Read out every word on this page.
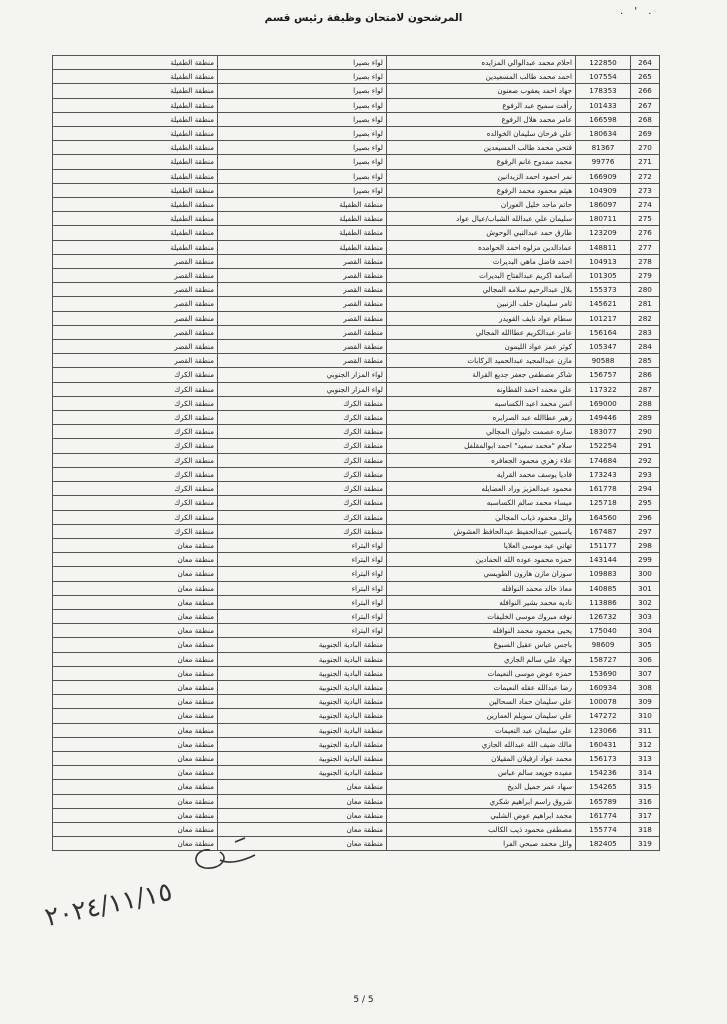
المرشحون لامتحان وظيفة رئيس قسم
. ' .
264	122850	احلام محمد عبدالوالي المزايده	لواء بصيرا	منطقة الطفيلة
265	107554	احمد محمد طالب المسعيدين	لواء بصيرا	منطقة الطفيلة
266	178353	جهاد احمد يعقوب صعنون	لواء بصيرا	منطقة الطفيلة
267	101433	رأفت سميح عبد الرفوع	لواء بصيرا	منطقة الطفيلة
268	166598	عامر محمد هلال الرفوع	لواء بصيرا	منطقة الطفيلة
269	180634	علي فرحان سليمان الخوالده	لواء بصيرا	منطقة الطفيلة
270	81367	فتحي محمد طالب المسيعدين	لواء بصيرا	منطقة الطفيلة
271	99776	محمد ممدوح غانم الرفوع	لواء بصيرا	منطقة الطفيلة
272	166909	نمر احمود احمد الزيدانين	لواء بصيرا	منطقة الطفيلة
273	104909	هيثم محمود محمد الرفوع	لواء بصيرا	منطقة الطفيلة
274	186097	حاتم ماجد خليل العوران	منطقة الطفيلة	منطقة الطفيلة
275	180711	سليمان علي عبدالله الشباب/عيال عواد	منطقة الطفيلة	منطقة الطفيلة
276	123209	طارق حمد عبدالنبي الوحوش	منطقة الطفيلة	منطقة الطفيلة
277	148811	عمادالدين مزلوه احمد الحوامده	منطقة الطفيلة	منطقة الطفيلة
278	104913	احمد فاضل ماهي البديرات	منطقة القصر	منطقة القصر
279	101305	اسامه اكريم عبدالفتاح البديرات	منطقة القصر	منطقة القصر
280	155373	بلال عبدالرحيم سلامه المجالي	منطقة القصر	منطقة القصر
281	145621	ثامر سليمان خلف الزنبين	منطقة القصر	منطقة القصر
282	101217	سطام عواد نايف القويدر	منطقة القصر	منطقة القصر
283	156164	عامر عبدالكريم عطاالله المجالي	منطقة القصر	منطقة القصر
284	105347	كوثر عمر عواد الليمون	منطقة القصر	منطقة القصر
285	90588	مازن عبدالمجيد عبدالحميد الركابات	منطقة القصر	منطقة القصر
286	156757	شاكر مصطفى جعفر جديع القرالة	لواء المزار الجنوبي	منطقة الكرك
287	117322	علي محمد احمد القطاونه	لواء المزار الجنوبي	منطقة الكرك
288	169000	انس محمد اعبد الكساسبه	منطقة الكرك	منطقة الكرك
289	149446	زهير عطاالله عبد الصرايره	منطقة الكرك	منطقة الكرك
290	183077	ساره عصمت دليوان المجالي	منطقة الكرك	منطقة الكرك
291	152254	سلام "محمد سعيد" احمد ابوالمقلفل	منطقة الكرك	منطقة الكرك
292	174684	علاء زهري محمود الجعافره	منطقة الكرك	منطقة الكرك
293	173243	فاديا يوسف محمد القرايه	منطقة الكرك	منطقة الكرك
294	161778	محمود عبدالعزيز وراد العضايله	منطقة الكرك	منطقة الكرك
295	125718	ميساء محمد سالم الكساسبه	منطقة الكرك	منطقة الكرك
296	164560	وائل محمود ذياب المجالي	منطقة الكرك	منطقة الكرك
297	167487	ياسمين عبدالحفيظ عبدالحافظ العشوش	منطقة الكرك	منطقة الكرك
298	151177	تهاني عيد موسى العلايا	لواء البتراء	منطقة معان
299	143144	حمزه محمود عوده الله الحمادين	لواء البتراء	منطقة معان
300	109883	سوزان مازن هارون الطويسي	لواء البتراء	منطقة معان
301	140885	معاذ خالد محمد النوافله	لواء البتراء	منطقة معان
302	113886	ناديه محمد بشير النوافله	لواء البتراء	منطقة معان
303	126732	نوفه مبروك موسى الخليفات	لواء البتراء	منطقة معان
304	175040	يحيى محمود محمد النوافله	لواء البتراء	منطقة معان
305	98609	باجس عباس عقيل السبوع	منطقة البادية الجنوبية	منطقة معان
306	158727	جهاد علي سالم الجازي	منطقة البادية الجنوبية	منطقة معان
307	153690	حمزه عوض موسى النعيمات	منطقة البادية الجنوبية	منطقة معان
308	160934	رضا عبدالله عقله النعيمات	منطقة البادية الجنوبية	منطقة معان
309	100078	علي سليمان حماد السحالين	منطقة البادية الجنوبية	منطقة معان
310	147272	علي سليمان سويلم العمارين	منطقة البادية الجنوبية	منطقة معان
311	123066	علي سليمان عبد النعيمات	منطقة البادية الجنوبية	منطقة معان
312	160431	مالك ضيف الله عبدالله الجازي	منطقة البادية الجنوبية	منطقة معان
313	156173	محمد عواد ارفيلان المقيلان	منطقة البادية الجنوبية	منطقة معان
314	154236	مفيده جويعد سالم عباس	منطقة البادية الجنوبية	منطقة معان
315	154265	سهاد عمر جميل الديخ	منطقة معان	منطقة معان
316	165789	شروق راسم ابراهيم شكري	منطقة معان	منطقة معان
317	161774	محمد ابراهيم عوض الشلبي	منطقة معان	منطقة معان
318	155774	مصطفى محمود ذيب الكالب	منطقة معان	منطقة معان
319	182405	وائل محمد صبحي الفرا	منطقة معان	منطقة معان
٢٠٢٤/١١/١٥
5 / 5
